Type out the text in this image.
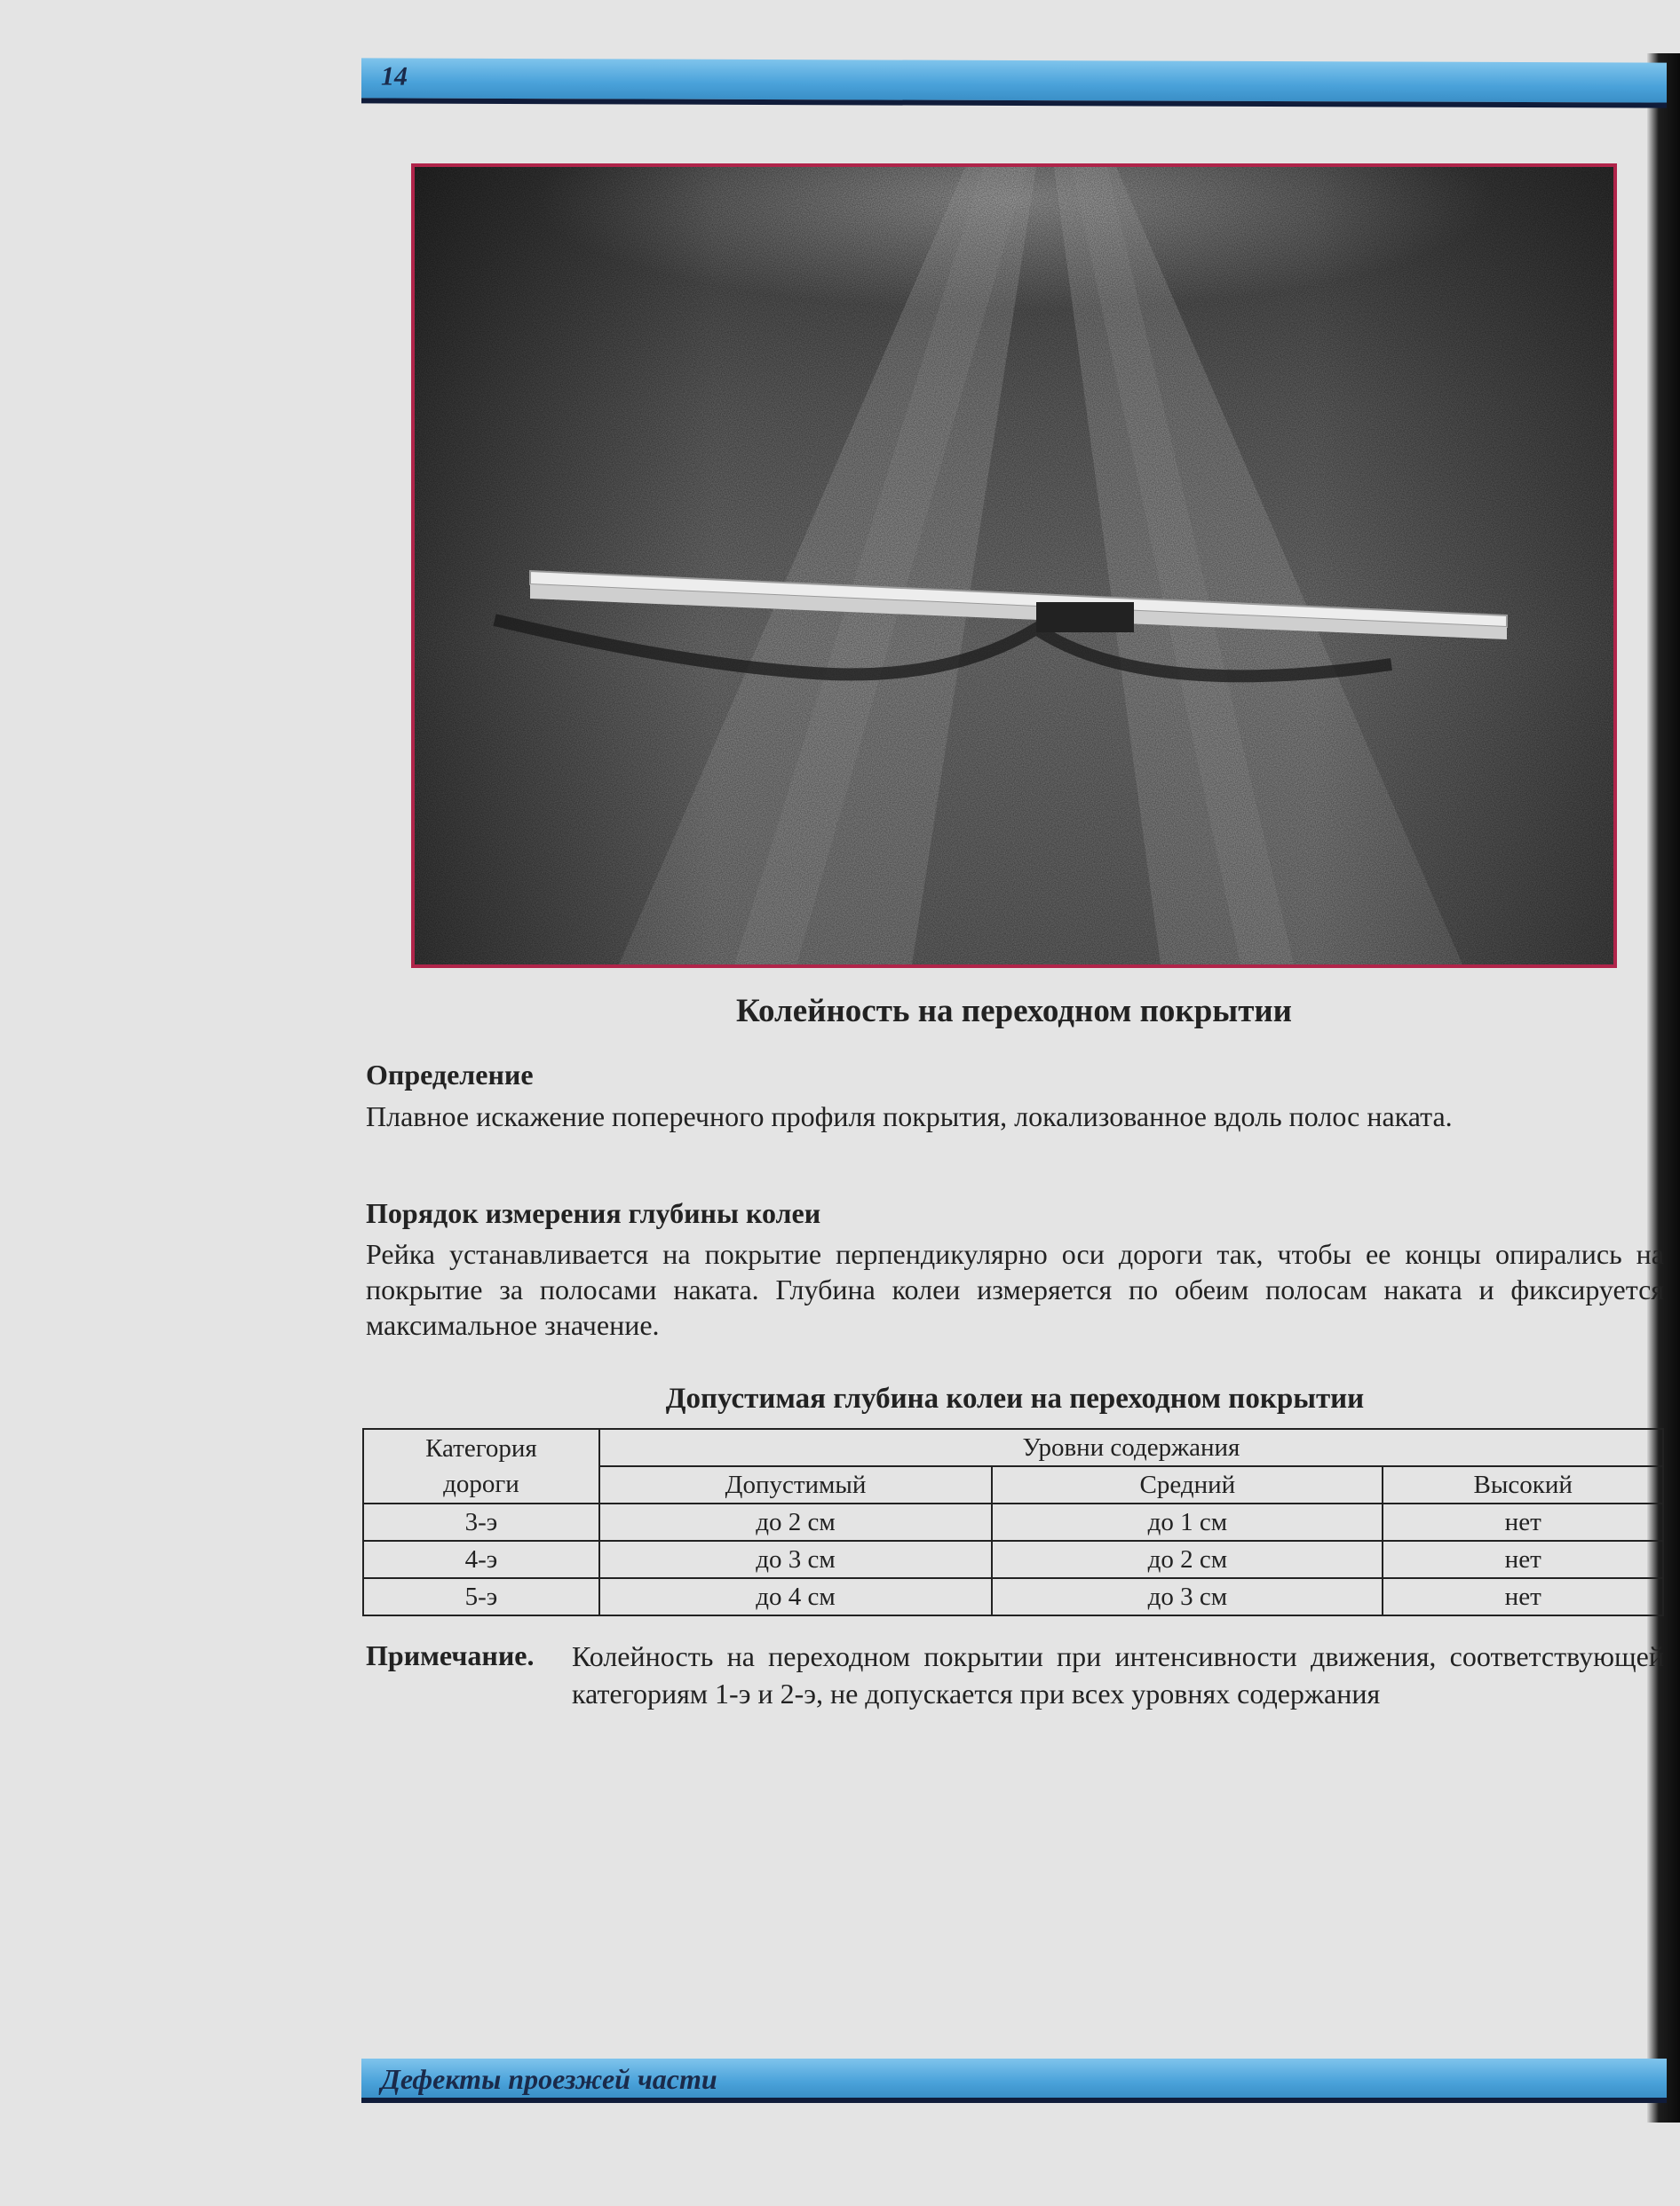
14
Колейность на переходном покрытии
Определение

Плавное искажение поперечного профиля покрытия, локализованное вдоль полос наката.

Порядок измерения глубины колеи

Рейка устанавливается на покрытие перпендикулярно оси дороги так, чтобы ее концы опирались на покрытие за полосами наката. Глубина колеи измеряется по обеим полосам наката и фиксируется максимальное значение.

Допустимая глубина колеи на переходном покрытии
Категория дороги	Уровни содержания		
	Допустимый	Средний	Высокий
3-э	до 2 см	до 1 см	нет
4-э	до 3 см	до 2 см	нет
5-э	до 4 см	до 3 см	нет
Примечание. Колейность на переходном покрытии при интенсивности движения, соответствующей категориям 1-э и 2-э, не допускается при всех уровнях содержания

Дефекты проезжей части
